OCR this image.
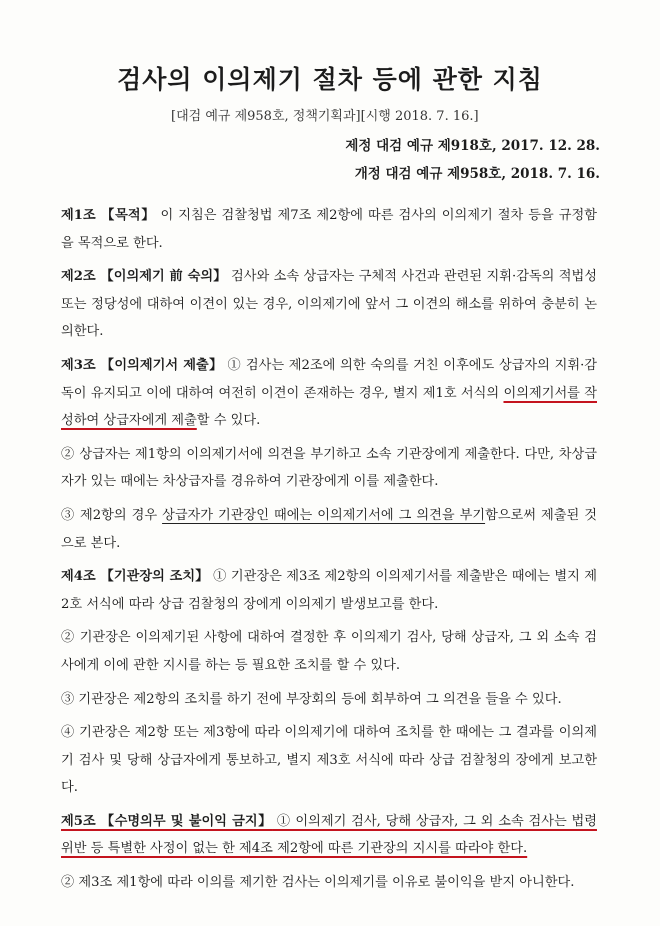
검사의 이의제기 절차 등에 관한 지침
[대검 예규 제958호, 정책기획과][시행 2018. 7. 16.]
제정 대검 예규 제918호, 2017. 12. 28.
개정 대검 예규 제958호, 2018. 7. 16.

제1조 【목적】 이 지침은 검찰청법 제7조 제2항에 따른 검사의 이의제기 절차 등을 규정함을 목적으로 한다.

제2조 【이의제기 前 숙의】 검사와 소속 상급자는 구체적 사건과 관련된 지휘·감독의 적법성 또는 정당성에 대하여 이견이 있는 경우, 이의제기에 앞서 그 이견의 해소를 위하여 충분히 논의한다.

제3조 【이의제기서 제출】 ① 검사는 제2조에 의한 숙의를 거친 이후에도 상급자의 지휘·감독이 유지되고 이에 대하여 여전히 이견이 존재하는 경우, 별지 제1호 서식의 이의제기서를 작성하여 상급자에게 제출할 수 있다.

② 상급자는 제1항의 이의제기서에 의견을 부기하고 소속 기관장에게 제출한다. 다만, 차상급자가 있는 때에는 차상급자를 경유하여 기관장에게 이를 제출한다.

③ 제2항의 경우 상급자가 기관장인 때에는 이의제기서에 그 의견을 부기함으로써 제출된 것으로 본다.

제4조 【기관장의 조치】 ① 기관장은 제3조 제2항의 이의제기서를 제출받은 때에는 별지 제2호 서식에 따라 상급 검찰청의 장에게 이의제기 발생보고를 한다.

② 기관장은 이의제기된 사항에 대하여 결정한 후 이의제기 검사, 당해 상급자, 그 외 소속 검사에게 이에 관한 지시를 하는 등 필요한 조치를 할 수 있다.

③ 기관장은 제2항의 조치를 하기 전에 부장회의 등에 회부하여 그 의견을 들을 수 있다.

④ 기관장은 제2항 또는 제3항에 따라 이의제기에 대하여 조치를 한 때에는 그 결과를 이의제기 검사 및 당해 상급자에게 통보하고, 별지 제3호 서식에 따라 상급 검찰청의 장에게 보고한다.

제5조 【수명의무 및 불이익 금지】 ① 이의제기 검사, 당해 상급자, 그 외 소속 검사는 법령위반 등 특별한 사정이 없는 한 제4조 제2항에 따른 기관장의 지시를 따라야 한다.

② 제3조 제1항에 따라 이의를 제기한 검사는 이의제기를 이유로 불이익을 받지 아니한다.
